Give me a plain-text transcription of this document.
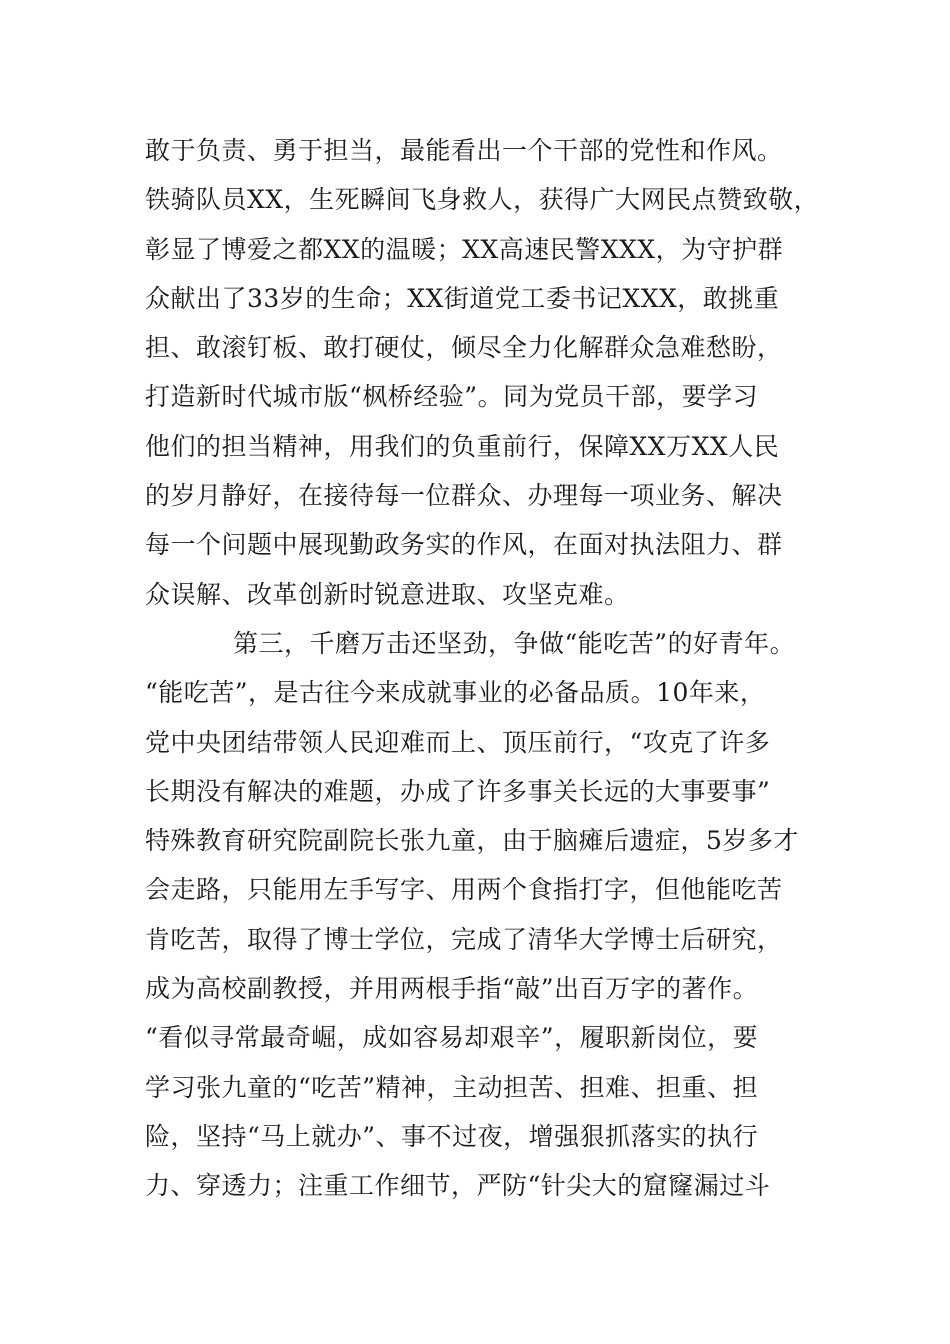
敢于负责、勇于担当，最能看出一个干部的党性和作风。
铁骑队员XX，生死瞬间飞身救人，获得广大网民点赞致敬，
彰显了博爱之都XX的温暖；XX高速民警XXX，为守护群
众献出了33岁的生命；XX街道党工委书记XXX，敢挑重
担、敢滚钉板、敢打硬仗，倾尽全力化解群众急难愁盼，
打造新时代城市版“枫桥经验”。同为党员干部，要学习
他们的担当精神，用我们的负重前行，保障XX万XX人民
的岁月静好，在接待每一位群众、办理每一项业务、解决
每一个问题中展现勤政务实的作风，在面对执法阻力、群
众误解、改革创新时锐意进取、攻坚克难。
第三，千磨万击还坚劲，争做“能吃苦”的好青年。
“能吃苦”，是古往今来成就事业的必备品质。10年来，
党中央团结带领人民迎难而上、顶压前行，“攻克了许多
长期没有解决的难题，办成了许多事关长远的大事要事”
特殊教育研究院副院长张九童，由于脑瘫后遗症，5岁多才
会走路，只能用左手写字、用两个食指打字，但他能吃苦
肯吃苦，取得了博士学位，完成了清华大学博士后研究，
成为高校副教授，并用两根手指“敲”出百万字的著作。
“看似寻常最奇崛，成如容易却艰辛”，履职新岗位，要
学习张九童的“吃苦”精神，主动担苦、担难、担重、担
险，坚持“马上就办”、事不过夜，增强狠抓落实的执行
力、穿透力；注重工作细节，严防“针尖大的窟窿漏过斗
